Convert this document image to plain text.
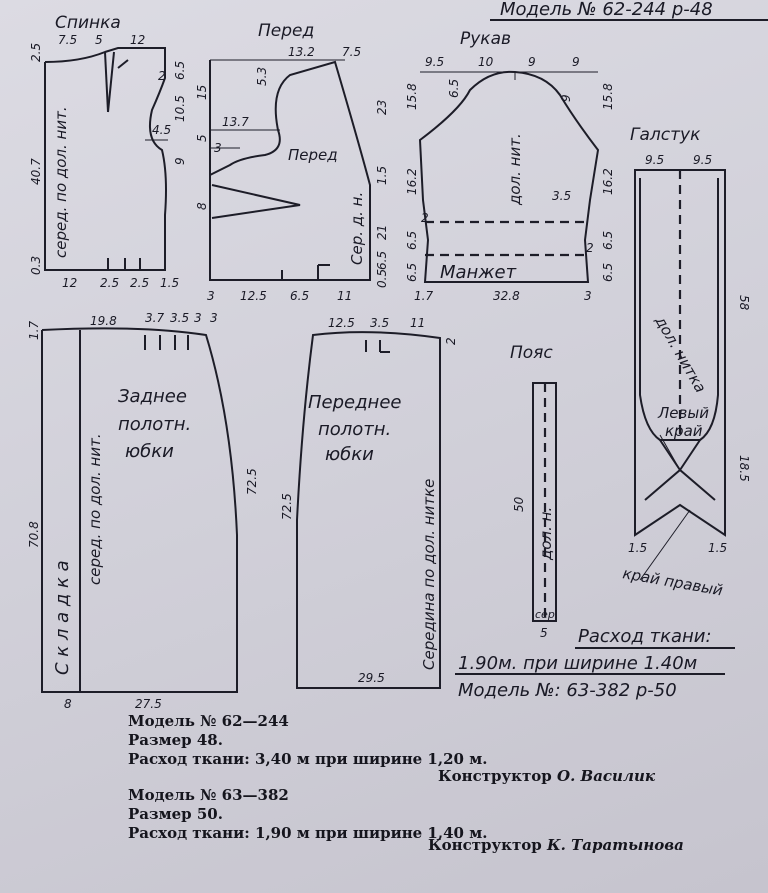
Модель № 62-244 р-48
Спинка
серед. по дол. нит.
2.5
7.5 5 12
2 6.5
10.5
4.5
40.7	9
0.3
12 2.5 2.5 1.5
Перед
Перед
Сер. д. н.
13.2 7.5
5.3
15
13.7
5
3
8
23
1.5
21
6.5
0.5
3 12.5 6.5 11
Рукав
дол. нит.
Манжет
9.5	10	9	9
6.5
15.8	9 15.8
16.2
3.5
16.2
2
2
6.5	6.5
6.5	6.5
1.7	32.8	3
Галстук
дол. нитка
Левый
край
край правый
9.5 9.5
58
18.5
1.5	1.5
Заднее
полотн.
юбки
С к л а д к а
серед. по дол. нит.
1.7	19.8 3.7 3.5 3 3
70.8
72.5
8	27.5
Переднее
полотн.
юбки
Середина по дол. нитке
12.5 3.5 11
2
72.5
29.5
Пояс
дол. н.
сер.
50
5 Расход ткани:
1.90м. при ширине 1.40м
Модель №: 63-382 р-50
Модель № 62—244
Размер 48.
Расход ткани: 3,40 м при ширине 1,20 м.
Конструктор О. Василик
Модель № 63—382
Размер 50.
Расход ткани: 1,90 м при ширине 1,40 м.
Конструктор К. Таратынова
